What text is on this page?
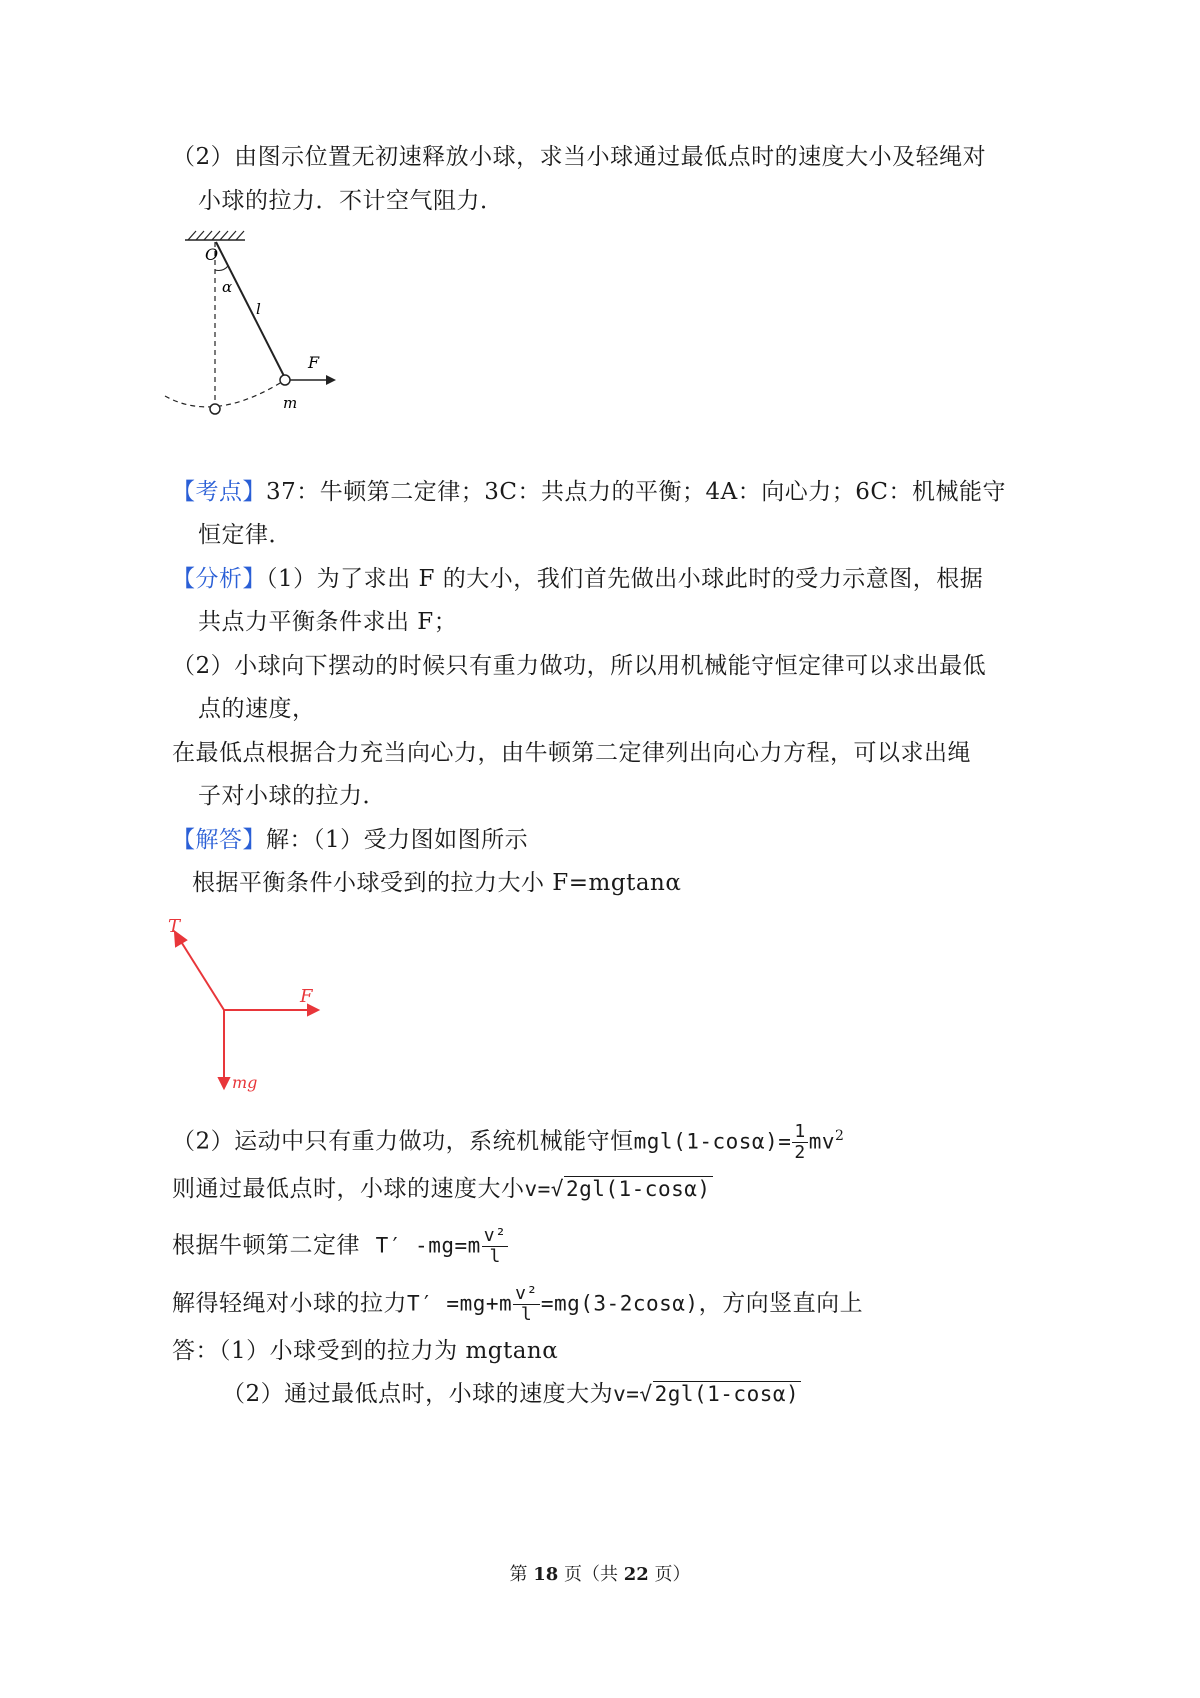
（2）由图示位置无初速释放小球，求当小球通过最低点时的速度大小及轻绳对
小球的拉力．不计空气阻力．
O
α
l
F
m
【考点】37：牛顿第二定律；3C：共点力的平衡；4A：向心力；6C：机械能守
恒定律．
【分析】（1）为了求出 F 的大小，我们首先做出小球此时的受力示意图，根据
共点力平衡条件求出 F；
（2）小球向下摆动的时候只有重力做功，所以用机械能守恒定律可以求出最低
点的速度，
在最低点根据合力充当向心力，由牛顿第二定律列出向心力方程，可以求出绳
子对小球的拉力．
【解答】解：（1）受力图如图所示
根据平衡条件小球受到的拉力大小 F=mgtanα
T
F
mg
（2）运动中只有重力做功，系统机械能守恒$mgl(1-\cos\alpha)= \frac{1}{2} mv^2$
则通过最低点时，小球的速度大小v=√2gl(1-cosα)
根据牛顿第二定律 T′ $-mg=m \frac{\text{v²}}{l}$
解得轻绳对小球的拉力$T' =mg+m \frac{\text{v²}}{l} =mg(3-2\cos\alpha)$，方向竖直向上
答：（1）小球受到的拉力为 mgtanα
（2）通过最低点时，小球的速度大为v=√2gl(1-cosα)
第 18 页（共 22 页）
